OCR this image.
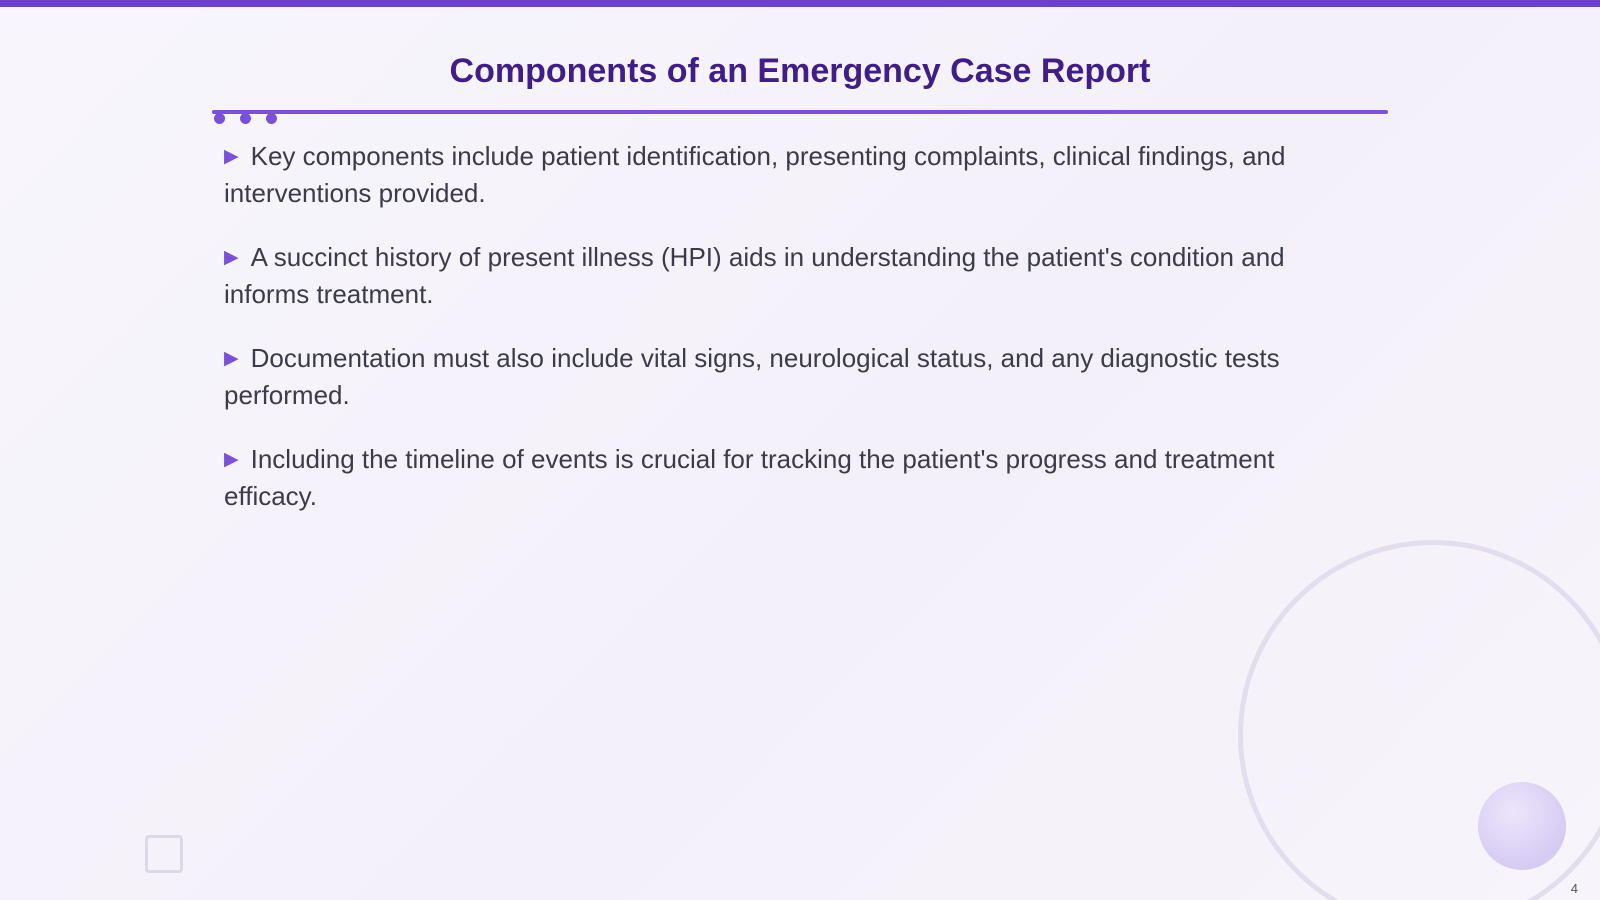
Components of an Emergency Case Report
▶ Key components include patient identification, presenting complaints, clinical findings, and interventions provided.
▶ A succinct history of present illness (HPI) aids in understanding the patient's condition and informs treatment.
▶ Documentation must also include vital signs, neurological status, and any diagnostic tests performed.
▶ Including the timeline of events is crucial for tracking the patient's progress and treatment efficacy.
4
